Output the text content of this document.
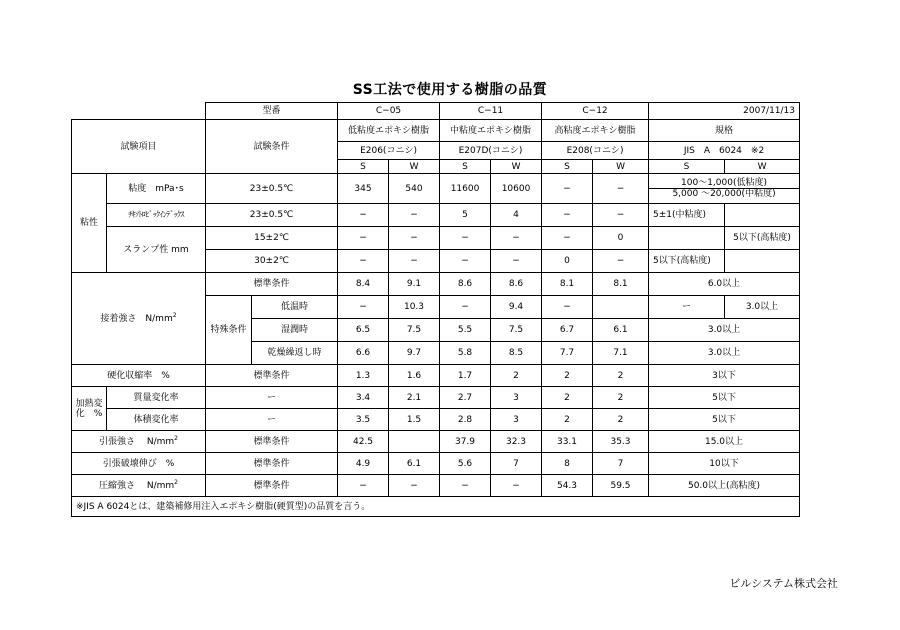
SS工法で使用する樹脂の品質
		型番		C−05		C−11		C−12		2007/11/13	
試験項目		試験条件		低粘度エポキシ樹脂		中粘度エポキシ樹脂		高粘度エポキシ樹脂		規格	
				E206(コニシ)		E207D(コニシ)		E208(コニシ)		JIS　A　6024　※2	
				S	W	S	W	S	W	S	W
粘性	粘度　mPa･s	23±0.5℃		345	540	11600	10600	−	−	100～1,000(低粘度)
5,000 ～20,000(中粘度)	

	ﾁｷｿﾄﾛﾋﾟｯｸｲﾝﾃﾞｯｸｽ	23±0.5℃		−	−	5	4	−	−	5±1(中粘度)	
	スランプ性 mm	15±2℃		−	−	−	−	−	0		5以下(高粘度)
		30±2℃		−	−	−	−	0	−	5以下(高粘度)	
接着強さ　$N/mm^2$		標準条件		8.4	9.1	8.6	8.6	8.1	8.1	6.0以上	
		特殊条件	低温時	−	10.3	−	9.4	−		ー	3.0以上
			湿潤時	6.5	7.5	5.5	7.5	6.7	6.1	3.0以上	
			乾燥繰返し時	6.6	9.7	5.8	8.5	7.7	7.1	3.0以上	
硬化収縮率　%		標準条件		1.3	1.6	1.7	2	2	2	3以下	
加熱変化　%	質量変化率	ー		3.4	2.1	2.7	3	2	2	5以下	
	体積変化率	ー		3.5	1.5	2.8	3	2	2	5以下	
引張強さ　 $N/mm^2$		標準条件		42.5		37.9	32.3	33.1	35.3	15.0以上	
引張破壊伸び　%		標準条件		4.9	6.1	5.6	7	8	7	10以下	
圧縮強さ　 $N/mm^2$		標準条件		−	−	−	−	54.3	59.5	50.0以上(高粘度)	
※JIS A 6024とは、建築補修用注入エポキシ樹脂(硬質型)の品質を言う。											
ビルシステム株式会社
